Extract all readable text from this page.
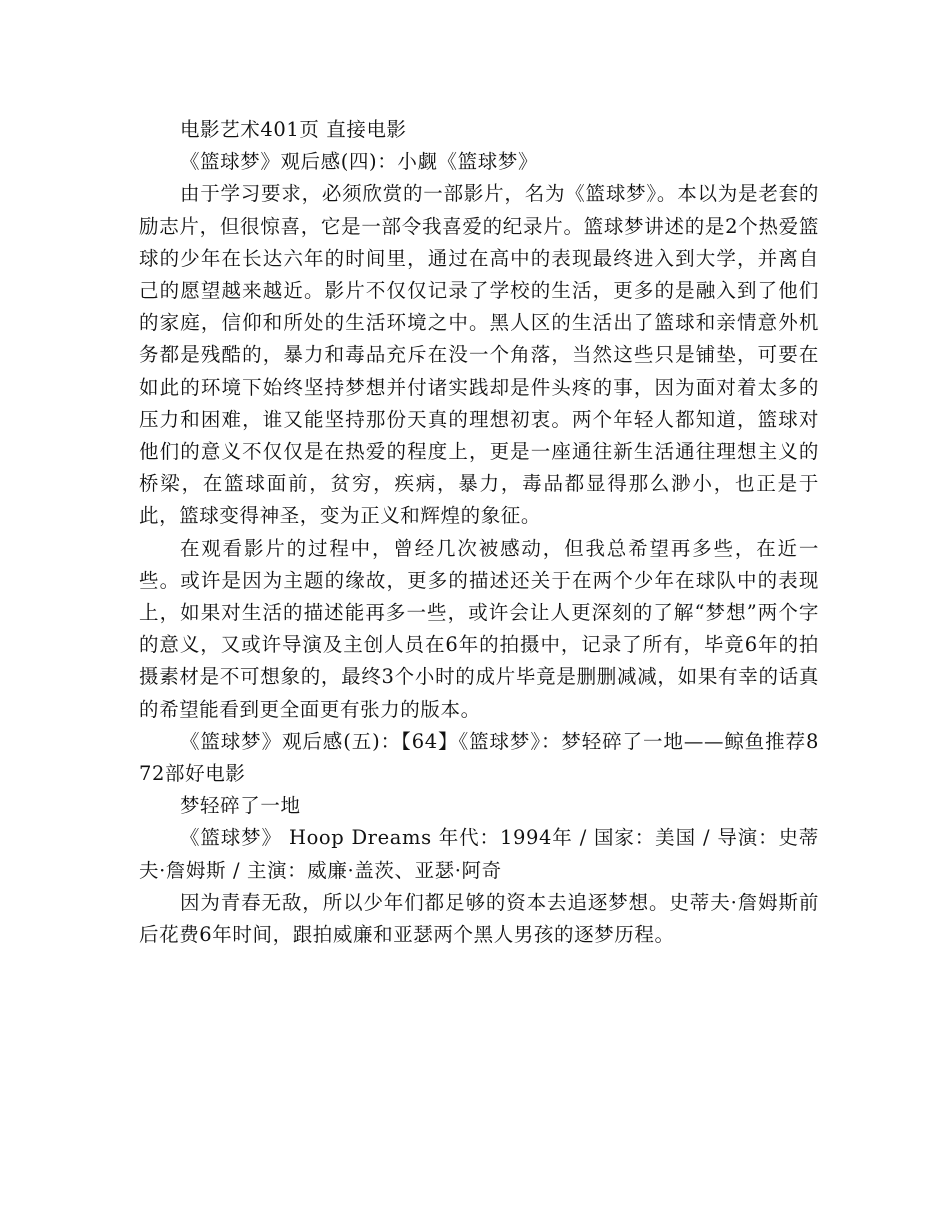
电影艺术401页 直接电影

《篮球梦》观后感(四)：小觑《篮球梦》

由于学习要求，必须欣赏的一部影片，名为《篮球梦》。本以为是老套的励志片，但很惊喜，它是一部令我喜爱的纪录片。篮球梦讲述的是2个热爱篮球的少年在长达六年的时间里，通过在高中的表现最终进入到大学，并离自己的愿望越来越近。影片不仅仅记录了学校的生活，更多的是融入到了他们的家庭，信仰和所处的生活环境之中。黑人区的生活出了篮球和亲情意外机务都是残酷的，暴力和毒品充斥在没一个角落，当然这些只是铺垫，可要在如此的环境下始终坚持梦想并付诸实践却是件头疼的事，因为面对着太多的压力和困难，谁又能坚持那份天真的理想初衷。两个年轻人都知道，篮球对他们的意义不仅仅是在热爱的程度上，更是一座通往新生活通往理想主义的桥梁，在篮球面前，贫穷，疾病，暴力，毒品都显得那么渺小，也正是于此，篮球变得神圣，变为正义和辉煌的象征。

在观看影片的过程中，曾经几次被感动，但我总希望再多些，在近一些。或许是因为主题的缘故，更多的描述还关于在两个少年在球队中的表现上，如果对生活的描述能再多一些，或许会让人更深刻的了解“梦想”两个字的意义，又或许导演及主创人员在6年的拍摄中，记录了所有，毕竟6年的拍摄素材是不可想象的，最终3个小时的成片毕竟是删删减减，如果有幸的话真的希望能看到更全面更有张力的版本。

《篮球梦》观后感(五)：【64】《篮球梦》：梦轻碎了一地——鲸鱼推荐872部好电影

梦轻碎了一地

《篮球梦》 Hoop Dreams 年代：1994年 / 国家：美国 / 导演：史蒂夫·詹姆斯 / 主演：威廉·盖茨、亚瑟·阿奇

因为青春无敌，所以少年们都足够的资本去追逐梦想。史蒂夫·詹姆斯前后花费6年时间，跟拍威廉和亚瑟两个黑人男孩的逐梦历程。
